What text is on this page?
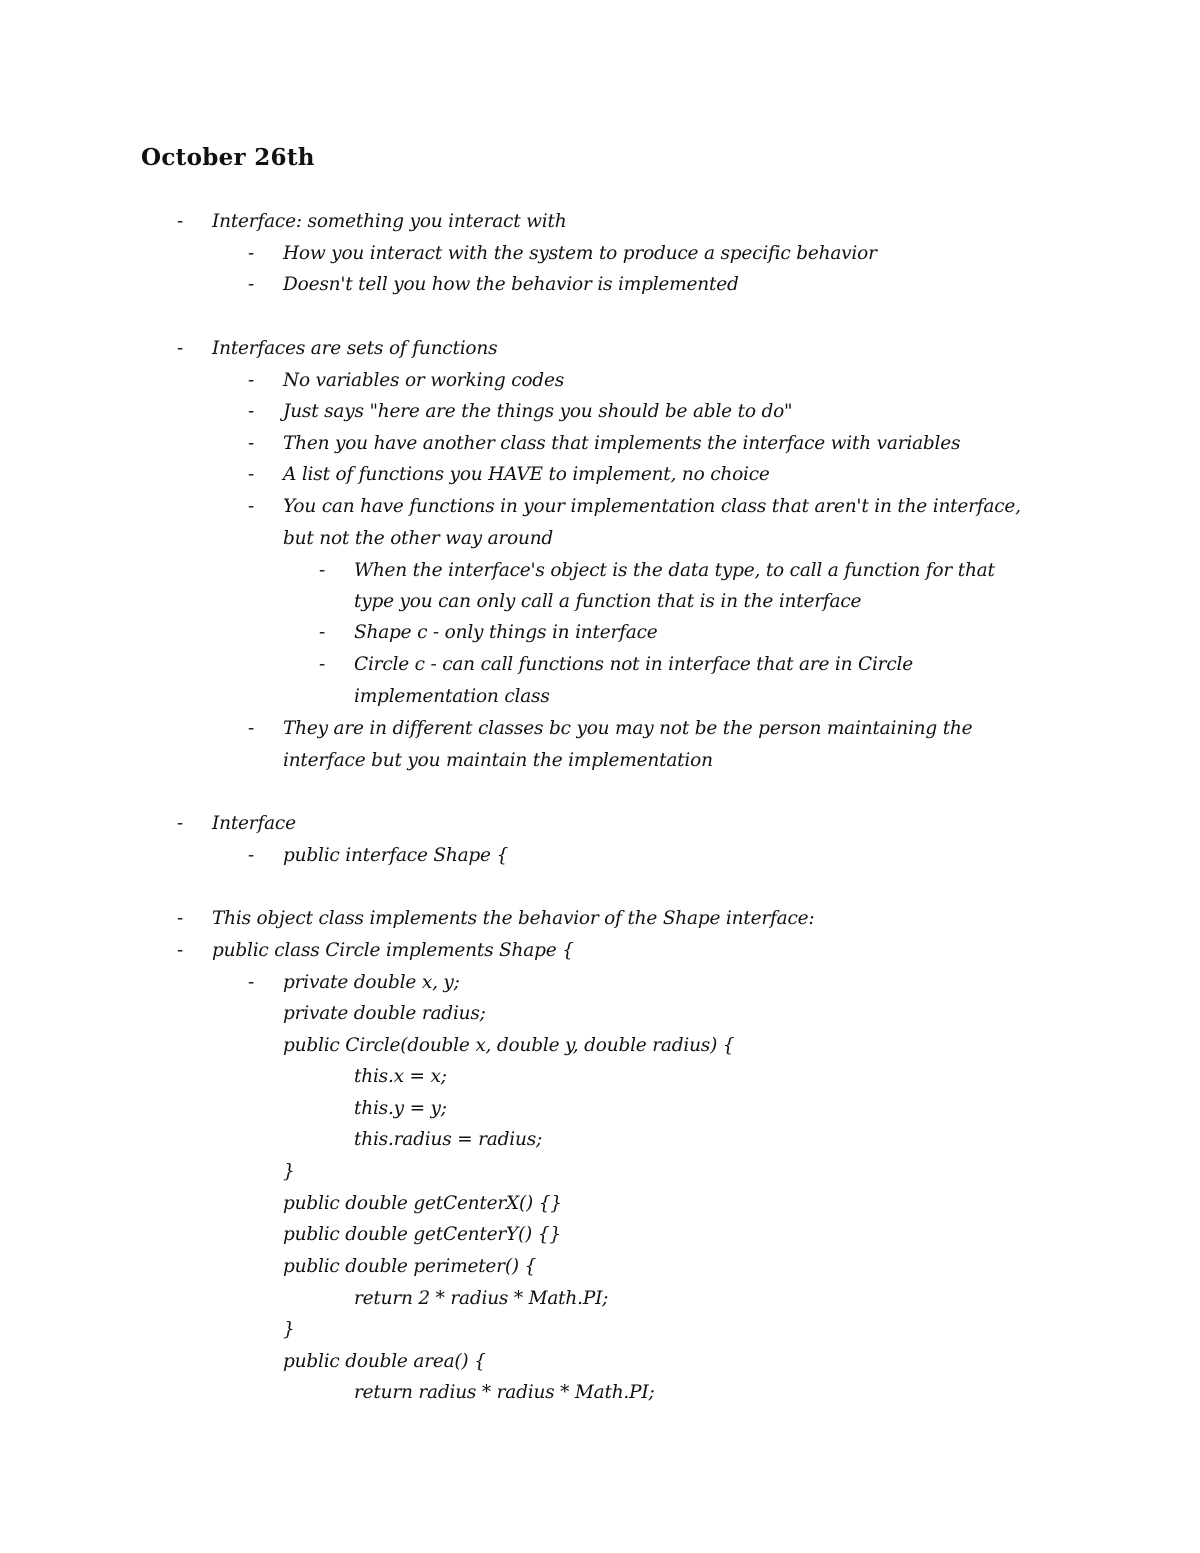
October 26th
- Interface: something you interact with
- How you interact with the system to produce a specific behavior
- Doesn't tell you how the behavior is implemented
- Interfaces are sets of functions
- No variables or working codes
- Just says "here are the things you should be able to do"
- Then you have another class that implements the interface with variables
- A list of functions you HAVE to implement, no choice
- You can have functions in your implementation class that aren't in the interface,
but not the other way around
- When the interface's object is the data type, to call a function for that
type you can only call a function that is in the interface
- Shape c - only things in interface
- Circle c - can call functions not in interface that are in Circle
implementation class
- They are in different classes bc you may not be the person maintaining the
interface but you maintain the implementation
- Interface
- public interface Shape {
- This object class implements the behavior of the Shape interface:
- public class Circle implements Shape {
- private double x, y;
private double radius;
public Circle(double x, double y, double radius) {
this.x = x;
this.y = y;
this.radius = radius;
}
public double getCenterX() {}
public double getCenterY() {}
public double perimeter() {
return 2 * radius * Math.PI;
}
public double area() {
return radius * radius * Math.PI;
